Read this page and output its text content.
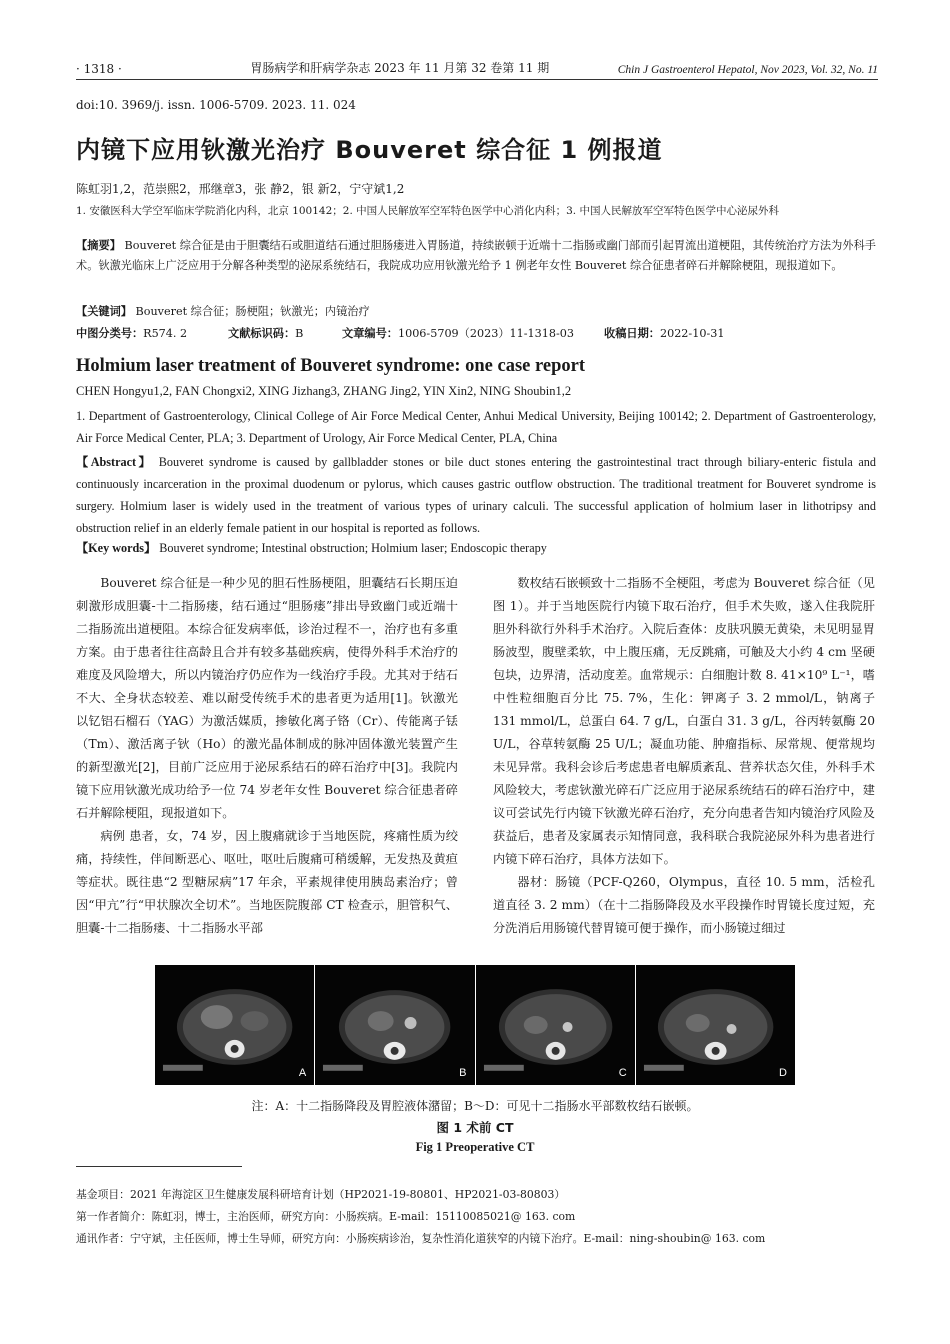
· 1318 ·	胃肠病学和肝病学杂志 2023 年 11 月第 32 卷第 11 期	Chin J Gastroenterol Hepatol, Nov 2023, Vol. 32, No. 11
doi:10. 3969/j. issn. 1006-5709. 2023. 11. 024
内镜下应用钬激光治疗 Bouveret 综合征 1 例报道
陈虹羽1,2，范崇熙2，邢继章3，张 静2，银 新2，宁守斌1,2
1. 安徽医科大学空军临床学院消化内科，北京 100142；2. 中国人民解放军空军特色医学中心消化内科；3. 中国人民解放军空军特色医学中心泌尿外科
【摘要】 Bouveret 综合征是由于胆囊结石或胆道结石通过胆肠瘘进入胃肠道，持续嵌顿于近端十二指肠或幽门部而引起胃流出道梗阻，其传统治疗方法为外科手术。钬激光临床上广泛应用于分解各种类型的泌尿系统结石，我院成功应用钬激光给予 1 例老年女性 Bouveret 综合征患者碎石并解除梗阻，现报道如下。
【关键词】 Bouveret 综合征；肠梗阻；钬激光；内镜治疗
中图分类号：R574. 2	文献标识码：B	文章编号：1006-5709（2023）11-1318-03	收稿日期：2022-10-31
Holmium laser treatment of Bouveret syndrome: one case report
CHEN Hongyu1,2, FAN Chongxi2, XING Jizhang3, ZHANG Jing2, YIN Xin2, NING Shoubin1,2
1. Department of Gastroenterology, Clinical College of Air Force Medical Center, Anhui Medical University, Beijing 100142; 2. Department of Gastroenterology, Air Force Medical Center, PLA; 3. Department of Urology, Air Force Medical Center, PLA, China
【Abstract】 Bouveret syndrome is caused by gallbladder stones or bile duct stones entering the gastrointestinal tract through biliary-enteric fistula and continuously incarceration in the proximal duodenum or pylorus, which causes gastric outflow obstruction. The traditional treatment for Bouveret syndrome is surgery. Holmium laser is widely used in the treatment of various types of urinary calculi. The successful application of holmium laser in lithotripsy and obstruction relief in an elderly female patient in our hospital is reported as follows.
【Key words】 Bouveret syndrome; Intestinal obstruction; Holmium laser; Endoscopic therapy

Bouveret 综合征是一种少见的胆石性肠梗阻，胆囊结石长期压迫刺激形成胆囊-十二指肠瘘，结石通过“胆肠瘘”排出导致幽门或近端十二指肠流出道梗阻。本综合征发病率低，诊治过程不一，治疗也有多重方案。由于患者往往高龄且合并有较多基础疾病，使得外科手术治疗的难度及风险增大，所以内镜治疗仍应作为一线治疗手段。尤其对于结石不大、全身状态较差、难以耐受传统手术的患者更为适用[1]。钬激光以钇铝石榴石（YAG）为激活媒质，掺敏化离子铬（Cr）、传能离子铥（Tm）、激活离子钬（Ho）的激光晶体制成的脉冲固体激光装置产生的新型激光[2]，目前广泛应用于泌尿系结石的碎石治疗中[3]。我院内镜下应用钬激光成功给予一位 74 岁老年女性 Bouveret 综合征患者碎石并解除梗阻，现报道如下。

病例 患者，女，74 岁，因上腹痛就诊于当地医院，疼痛性质为绞痛，持续性，伴间断恶心、呕吐，呕吐后腹痛可稍缓解，无发热及黄疸等症状。既往患“2 型糖尿病”17 年余，平素规律使用胰岛素治疗；曾因“甲亢”行“甲状腺次全切术”。当地医院腹部 CT 检查示，胆管积气、胆囊-十二指肠瘘、十二指肠水平部

数枚结石嵌顿致十二指肠不全梗阻，考虑为 Bouveret 综合征（见图 1）。并于当地医院行内镜下取石治疗，但手术失败，遂入住我院肝胆外科欲行外科手术治疗。入院后查体：皮肤巩膜无黄染，未见明显胃肠波型，腹壁柔软，中上腹压痛，无反跳痛，可触及大小约 4 cm 坚硬包块，边界清，活动度差。血常规示：白细胞计数 8. 41×10⁹ L⁻¹，嗜中性粒细胞百分比 75. 7%，生化：钾离子 3. 2 mmol/L，钠离子 131 mmol/L，总蛋白 64. 7 g/L，白蛋白 31. 3 g/L，谷丙转氨酶 20 U/L，谷草转氨酶 25 U/L；凝血功能、肿瘤指标、尿常规、便常规均未见异常。我科会诊后考虑患者电解质紊乱、营养状态欠佳，外科手术风险较大，考虑钬激光碎石广泛应用于泌尿系统结石的碎石治疗中，建议可尝试先行内镜下钬激光碎石治疗，充分向患者告知内镜治疗风险及获益后，患者及家属表示知情同意，我科联合我院泌尿外科为患者进行内镜下碎石治疗，具体方法如下。

器材：肠镜（PCF-Q260，Olympus，直径 10. 5 mm，活检孔道直径 3. 2 mm）（在十二指肠降段及水平段操作时胃镜长度过短，充分洗消后用肠镜代替胃镜可便于操作，而小肠镜过细过

A	B	C	D
注：A：十二指肠降段及胃腔液体潴留；B～D：可见十二指肠水平部数枚结石嵌顿。
图 1 术前 CT
Fig 1 Preoperative CT
基金项目：2021 年海淀区卫生健康发展科研培育计划（HP2021-19-80801、HP2021-03-80803）
第一作者简介：陈虹羽，博士，主治医师，研究方向：小肠疾病。E-mail：15110085021@ 163. com
通讯作者：宁守斌，主任医师，博士生导师，研究方向：小肠疾病诊治，复杂性消化道狭窄的内镜下治疗。E-mail：ning-shoubin@ 163. com
